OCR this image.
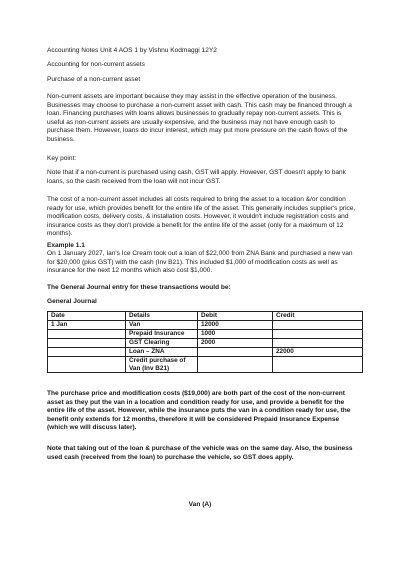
Accounting Notes Unit 4 AOS 1 by Vishnu Kodmaggi 12Y2

Accounting for non-current assets

Purchase of a non-current asset

Non-current assets are important because they may assist in the effective operation of the business. Businesses may choose to purchase a non-current asset with cash. This cash may be financed through a loan. Financing purchases with loans allows businesses to gradually repay non-current assets. This is useful as non-current assets are usually expensive, and the business may not have enough cash to purchase them. However, loans do incur interest, which may put more pressure on the cash flows of the business.

Key point:

Note that if a non-current is purchased using cash, GST will apply. However, GST doesn't apply to bank loans, so the cash received from the loan will not incur GST.

The cost of a non-current asset includes all costs required to bring the asset to a location &/or condition ready for use, which provides benefit for the entire life of the asset. This generally includes supplier's price, modification costs, delivery costs, & installation costs. However, it wouldn't include registration costs and insurance costs as they don't provide a benefit for the entire life of the asset (only for a maximum of 12 months).

Example 1.1

On 1 January 2027, Ian's Ice Cream took out a loan of $22,000 from ZNA Bank and purchased a new van for $20,000 (plus GST) with the cash (Inv B21). This included $1,000 of modification costs as well as insurance for the next 12 months which also cost $1,000.

The General Journal entry for these transactions would be:

General Journal

Date	Details	Debit	Credit
1 Jan	Van	12000	
	Prepaid Insurance	1000	
	GST Clearing	2000	
	Loan – ZNA		22000
	Credit purchase of Van (Inv B21)		

The purchase price and modification costs ($19,000) are both part of the cost of the non-current asset as they put the van in a location and condition ready for use, and provide a benefit for the entire life of the asset. However, while the insurance puts the van in a condition ready for use, the benefit only extends for 12 months, therefore it will be considered Prepaid Insurance Expense (which we will discuss later).

Note that taking out of the loan & purchase of the vehicle was on the same day. Also, the business used cash (received from the loan) to purchase the vehicle, so GST does apply.

Van (A)
